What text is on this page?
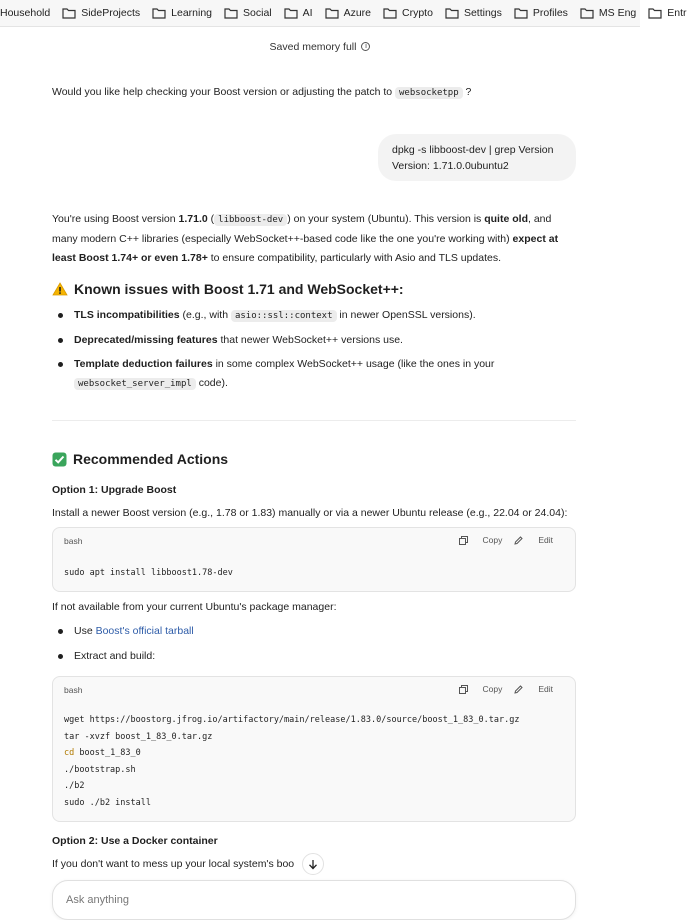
Household	SideProjects	Learning	Social	AI	Azure	Crypto	Settings	Profiles	MS Eng	Entr
Saved memory full i
Would you like help checking your Boost version or adjusting the patch to websocketpp ?
dpkg -s libboost-dev | grep Version
Version: 1.71.0.0ubuntu2
You're using Boost version 1.71.0 ( libboost-dev ) on your system (Ubuntu). This version is quite old, and many modern C++ libraries (especially WebSocket++-based code like the one you're working with) expect at least Boost 1.74+ or even 1.78+ to ensure compatibility, particularly with Asio and TLS updates.
Known issues with Boost 1.71 and WebSocket++:
TLS incompatibilities (e.g., with asio::ssl::context in newer OpenSSL versions).
Deprecated/missing features that newer WebSocket++ versions use.
Template deduction failures in some complex WebSocket++ usage (like the ones in your websocket_server_impl code).
Recommended Actions
Option 1: Upgrade Boost
Install a newer Boost version (e.g., 1.78 or 1.83) manually or via a newer Ubuntu release (e.g., 22.04 or 24.04):
bash	Copy	Edit
sudo apt install libboost1.78-dev
If not available from your current Ubuntu's package manager:
Use Boost's official tarball
Extract and build:
bash	Copy	Edit
wget https://boostorg.jfrog.io/artifactory/main/release/1.83.0/source/boost_1_83_0.tar.gz
tar -xvzf boost_1_83_0.tar.gz
cd boost_1_83_0
./bootstrap.sh
./b2
sudo ./b2 install
Option 2: Use a Docker container
If you don't want to mess up your local system's boo
Ask anything
